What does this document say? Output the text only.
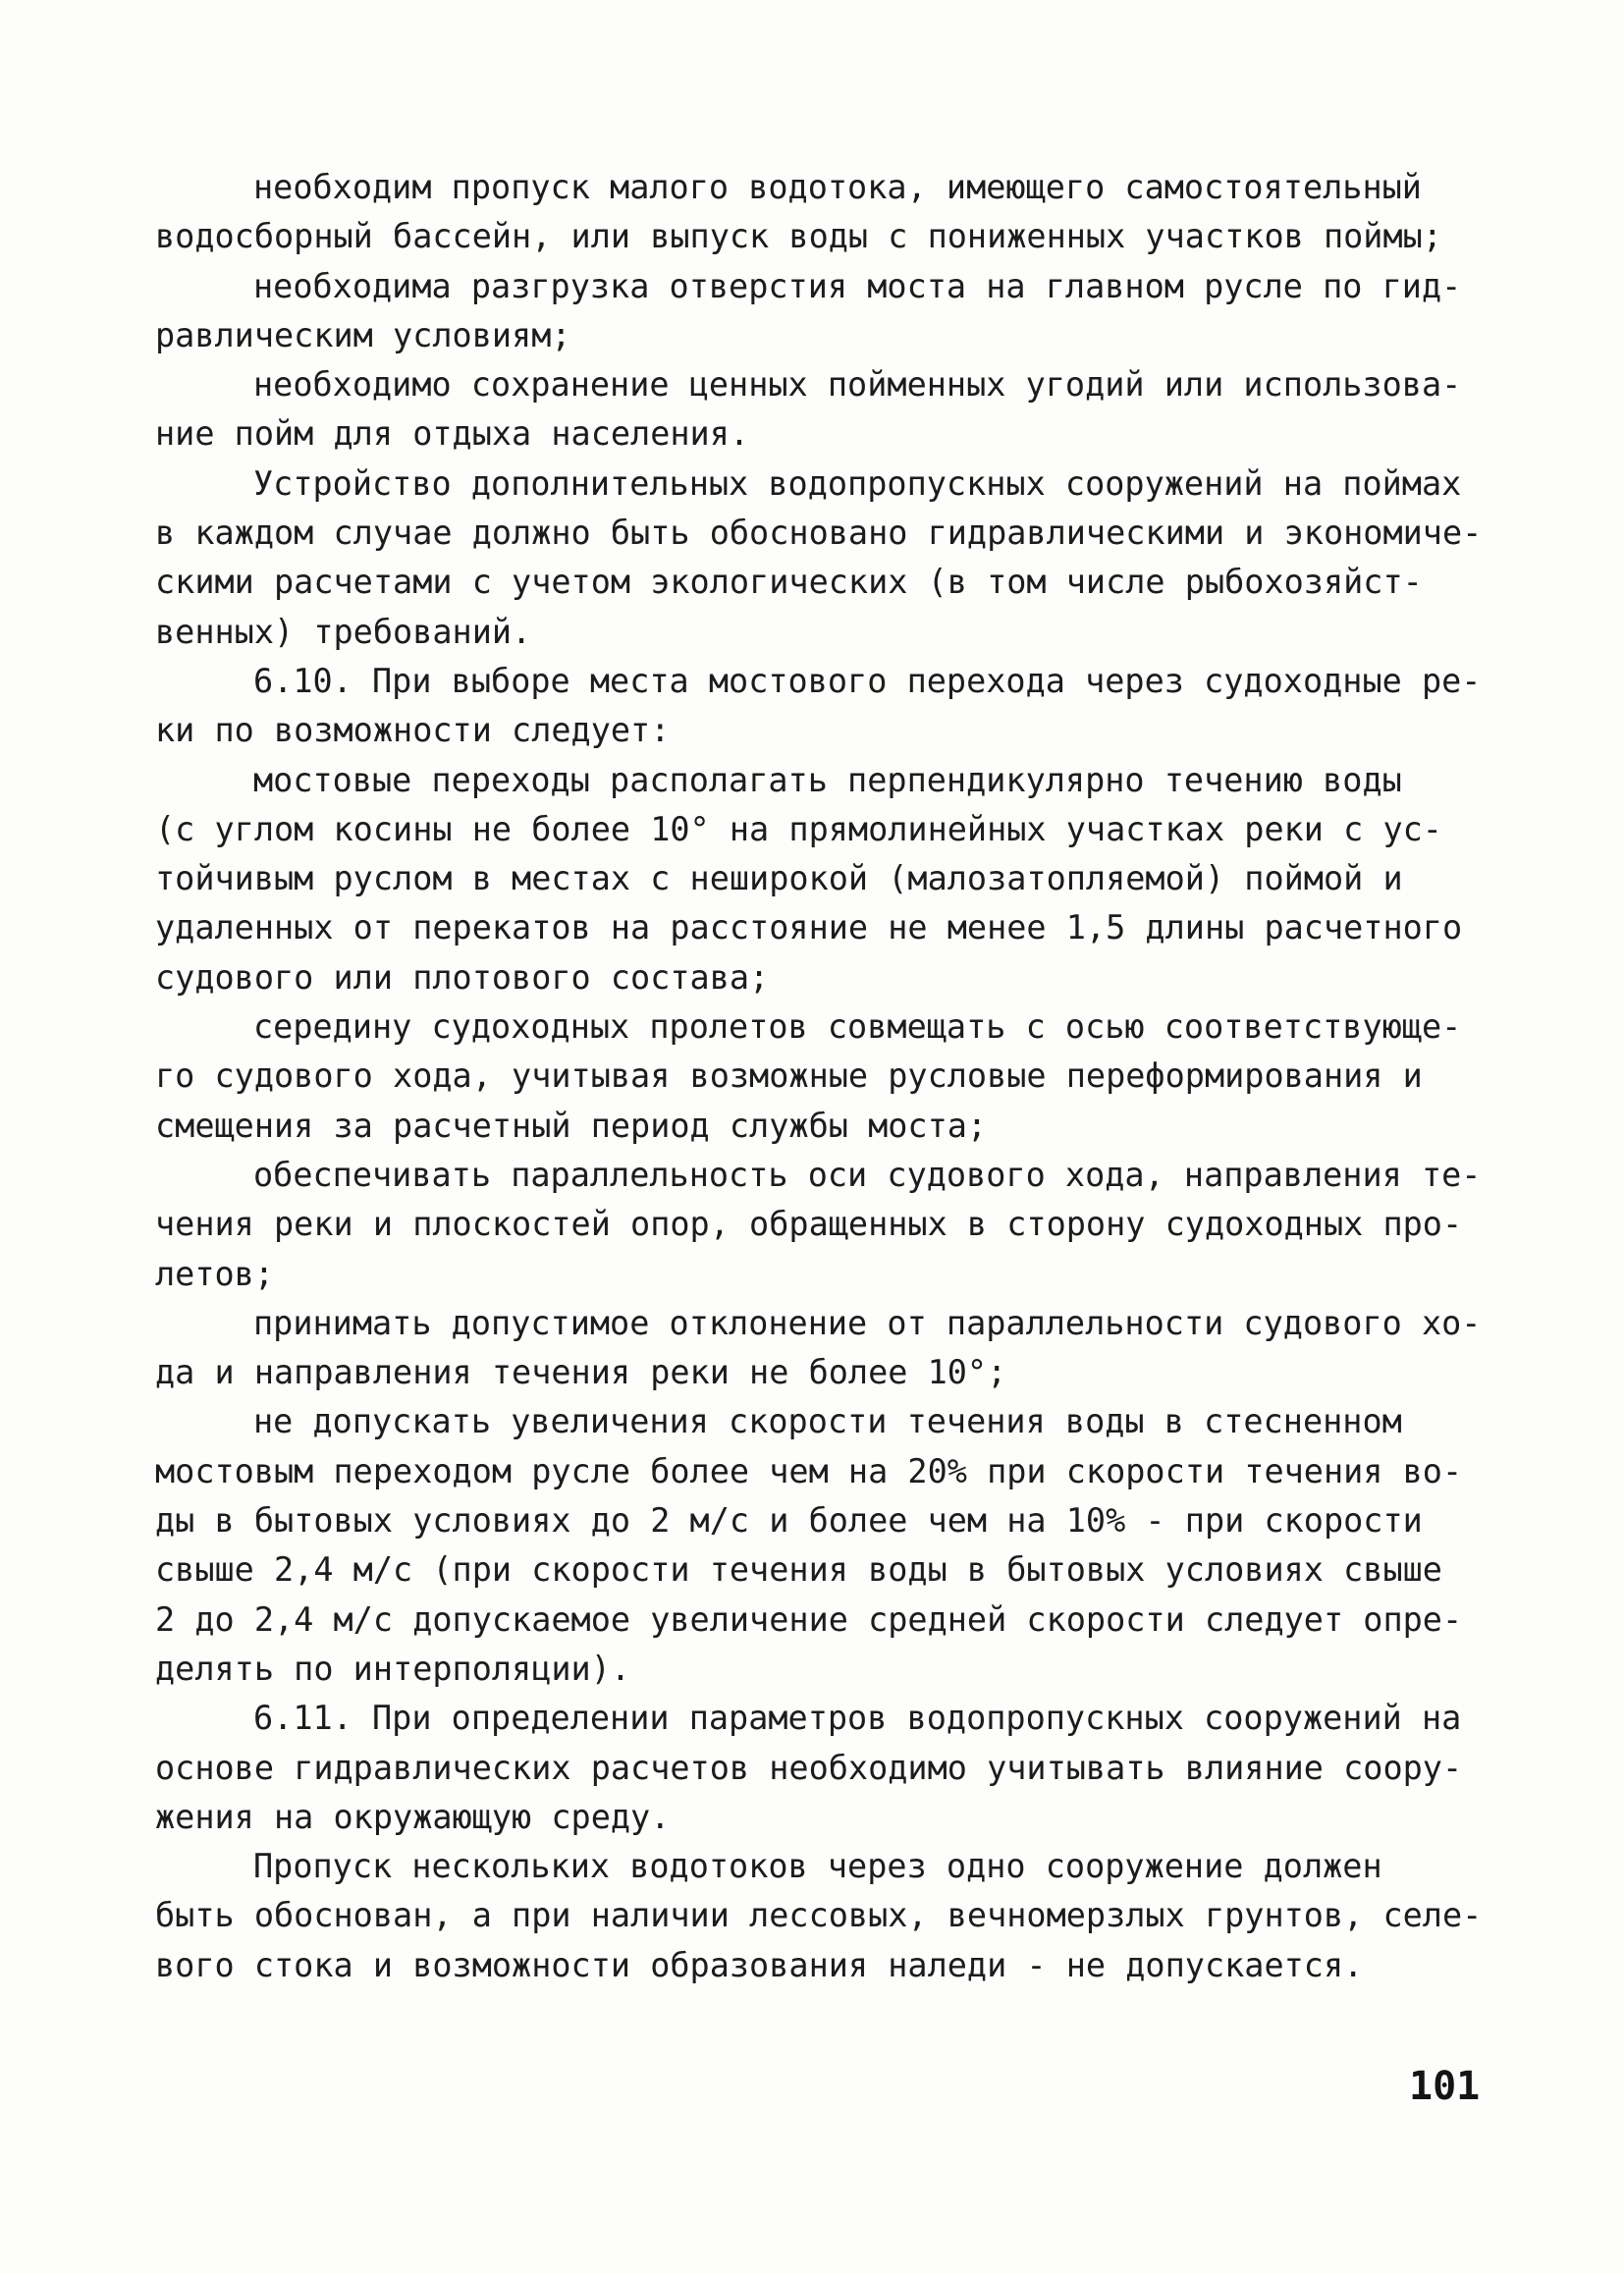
необходим пропуск малого водотока, имеющего самостоятельный
водосборный бассейн, или выпуск воды с пониженных участков поймы;
необходима разгрузка отверстия моста на главном русле по гид-
равлическим условиям;
необходимо сохранение ценных пойменных угодий или использова-
ние пойм для отдыха населения.
Устройство дополнительных водопропускных сооружений на поймах
в каждом случае должно быть обосновано гидравлическими и экономиче-
скими расчетами с учетом экологических (в том числе рыбохозяйст-
венных) требований.
6.10. При выборе места мостового перехода через судоходные ре-
ки по возможности следует:
мостовые переходы располагать перпендикулярно течению воды
(с углом косины не более 10° на прямолинейных участках реки с ус-
тойчивым руслом в местах с неширокой (малозатопляемой) поймой и
удаленных от перекатов на расстояние не менее 1,5 длины расчетного
судового или плотового состава;
середину судоходных пролетов совмещать с осью соответствующе-
го судового хода, учитывая возможные русловые переформирования и
смещения за расчетный период службы моста;
обеспечивать параллельность оси судового хода, направления те-
чения реки и плоскостей опор, обращенных в сторону судоходных про-
летов;
принимать допустимое отклонение от параллельности судового хо-
да и направления течения реки не более 10°;
не допускать увеличения скорости течения воды в стесненном
мостовым переходом русле более чем на 20% при скорости течения во-
ды в бытовых условиях до 2 м/с и более чем на 10% - при скорости
свыше 2,4 м/с (при скорости течения воды в бытовых условиях свыше
2 до 2,4 м/с допускаемое увеличение средней скорости следует опре-
делять по интерполяции).
6.11. При определении параметров водопропускных сооружений на
основе гидравлических расчетов необходимо учитывать влияние соору-
жения на окружающую среду.
Пропуск нескольких водотоков через одно сооружение должен
быть обоснован, а при наличии лессовых, вечномерзлых грунтов, селе-
вого стока и возможности образования наледи - не допускается.
101
